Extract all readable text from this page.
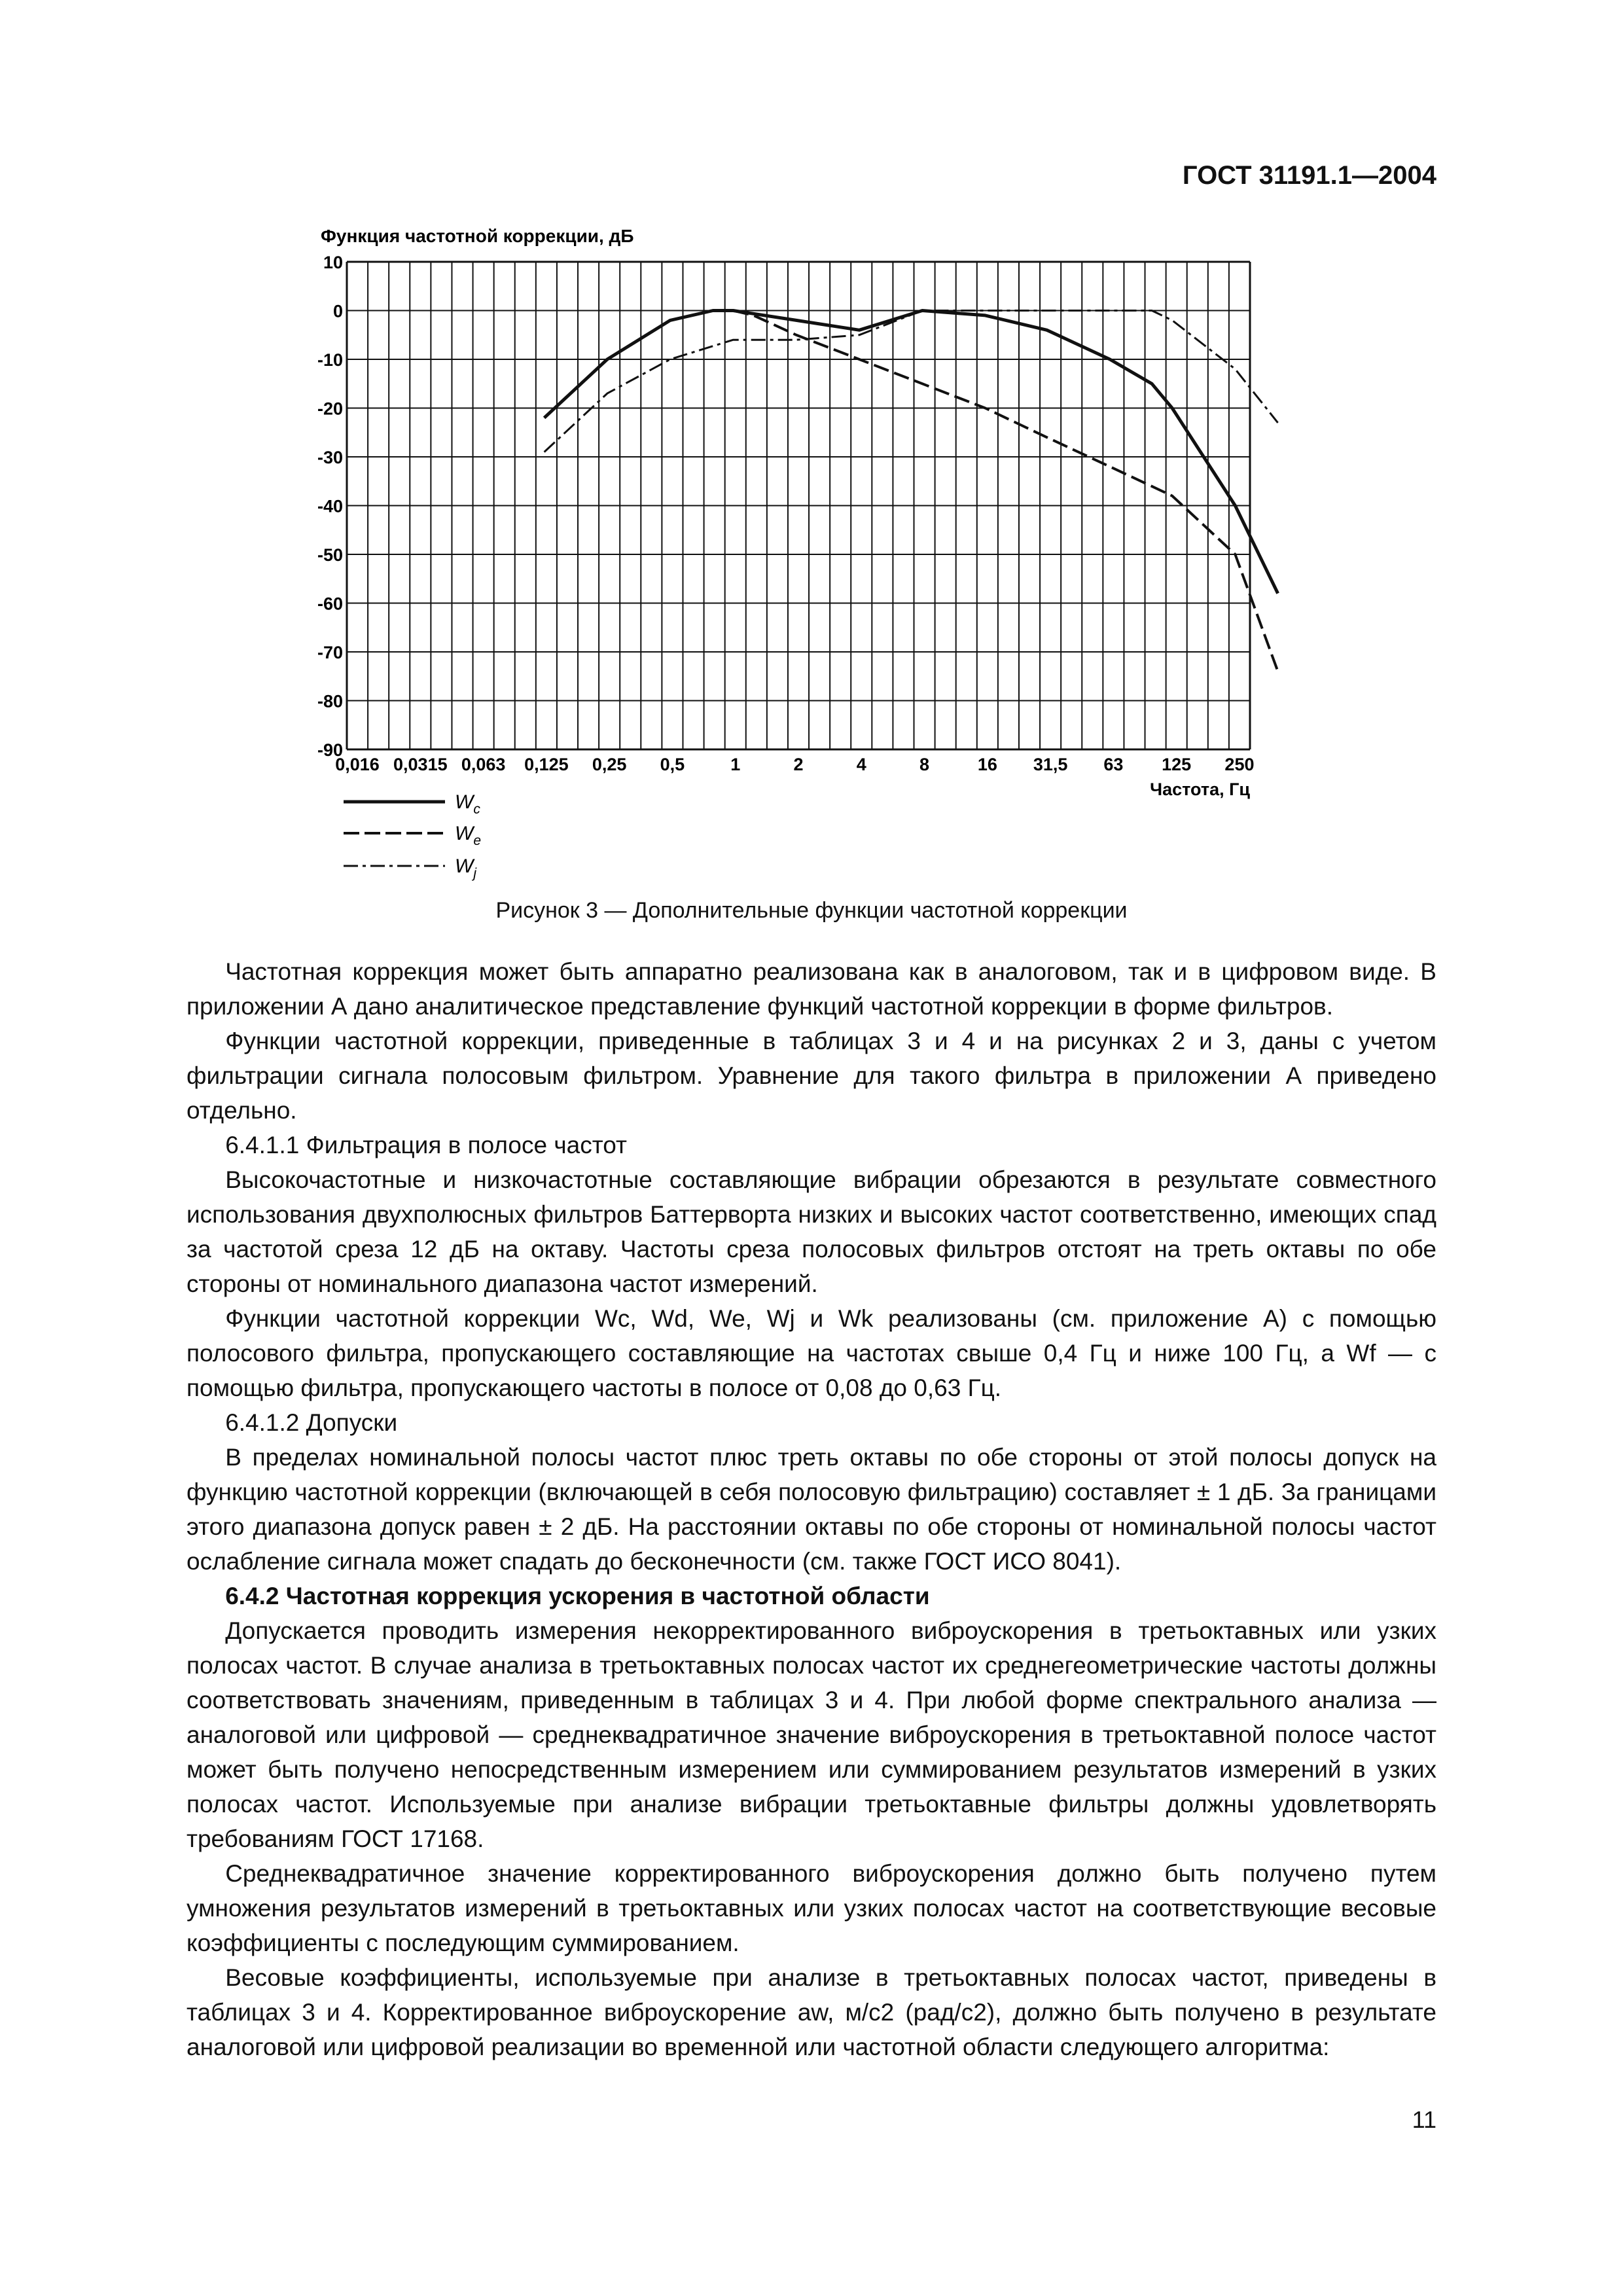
ГОСТ 31191.1—2004
Функция частотной коррекции, дБ
10
0
-10
-20
-30
-40
-50
-60
-70
-80
-90
0,016 0,0315 0,063 0,125 0,25 0,5	1	2	4	8	16 31,5 63 125 250
Частота, Гц
$W_c$
$W_e$
$W_j$
Рисунок 3 — Дополнительные функции частотной коррекции

Частотная коррекция может быть аппаратно реализована как в аналоговом, так и в цифровом виде. В приложении А дано аналитическое представление функций частотной коррекции в форме фильтров.

Функции частотной коррекции, приведенные в таблицах 3 и 4 и на рисунках 2 и 3, даны с учетом фильтрации сигнала полосовым фильтром. Уравнение для такого фильтра в приложении А приведено отдельно.

6.4.1.1 Фильтрация в полосе частот

Высокочастотные и низкочастотные составляющие вибрации обрезаются в результате совместного использования двухполюсных фильтров Баттерворта низких и высоких частот соответственно, имеющих спад за частотой среза 12 дБ на октаву. Частоты среза полосовых фильтров отстоят на треть октавы по обе стороны от номинального диапазона частот измерений.

Функции частотной коррекции Wc, Wd, We, Wj и Wk реализованы (см. приложение А) с помощью полосового фильтра, пропускающего составляющие на частотах свыше 0,4 Гц и ниже 100 Гц, а Wf — с помощью фильтра, пропускающего частоты в полосе от 0,08 до 0,63 Гц.

6.4.1.2 Допуски

В пределах номинальной полосы частот плюс треть октавы по обе стороны от этой полосы допуск на функцию частотной коррекции (включающей в себя полосовую фильтрацию) составляет ± 1 дБ. За границами этого диапазона допуск равен ± 2 дБ. На расстоянии октавы по обе стороны от номинальной полосы частот ослабление сигнала может спадать до бесконечности (см. также ГОСТ ИСО 8041).

6.4.2 Частотная коррекция ускорения в частотной области

Допускается проводить измерения некорректированного виброускорения в третьоктавных или узких полосах частот. В случае анализа в третьоктавных полосах частот их среднегеометрические частоты должны соответствовать значениям, приведенным в таблицах 3 и 4. При любой форме спектрального анализа — аналоговой или цифровой — среднеквадратичное значение виброускорения в третьоктавной полосе частот может быть получено непосредственным измерением или суммированием результатов измерений в узких полосах частот. Используемые при анализе вибрации третьоктавные фильтры должны удовлетворять требованиям ГОСТ 17168.

Среднеквадратичное значение корректированного виброускорения должно быть получено путем умножения результатов измерений в третьоктавных или узких полосах частот на соответствующие весовые коэффициенты с последующим суммированием.

Весовые коэффициенты, используемые при анализе в третьоктавных полосах частот, приведены в таблицах 3 и 4. Корректированное виброускорение aw, м/с2 (рад/с2), должно быть получено в результате аналоговой или цифровой реализации во временной или частотной области следующего алгоритма:

11
